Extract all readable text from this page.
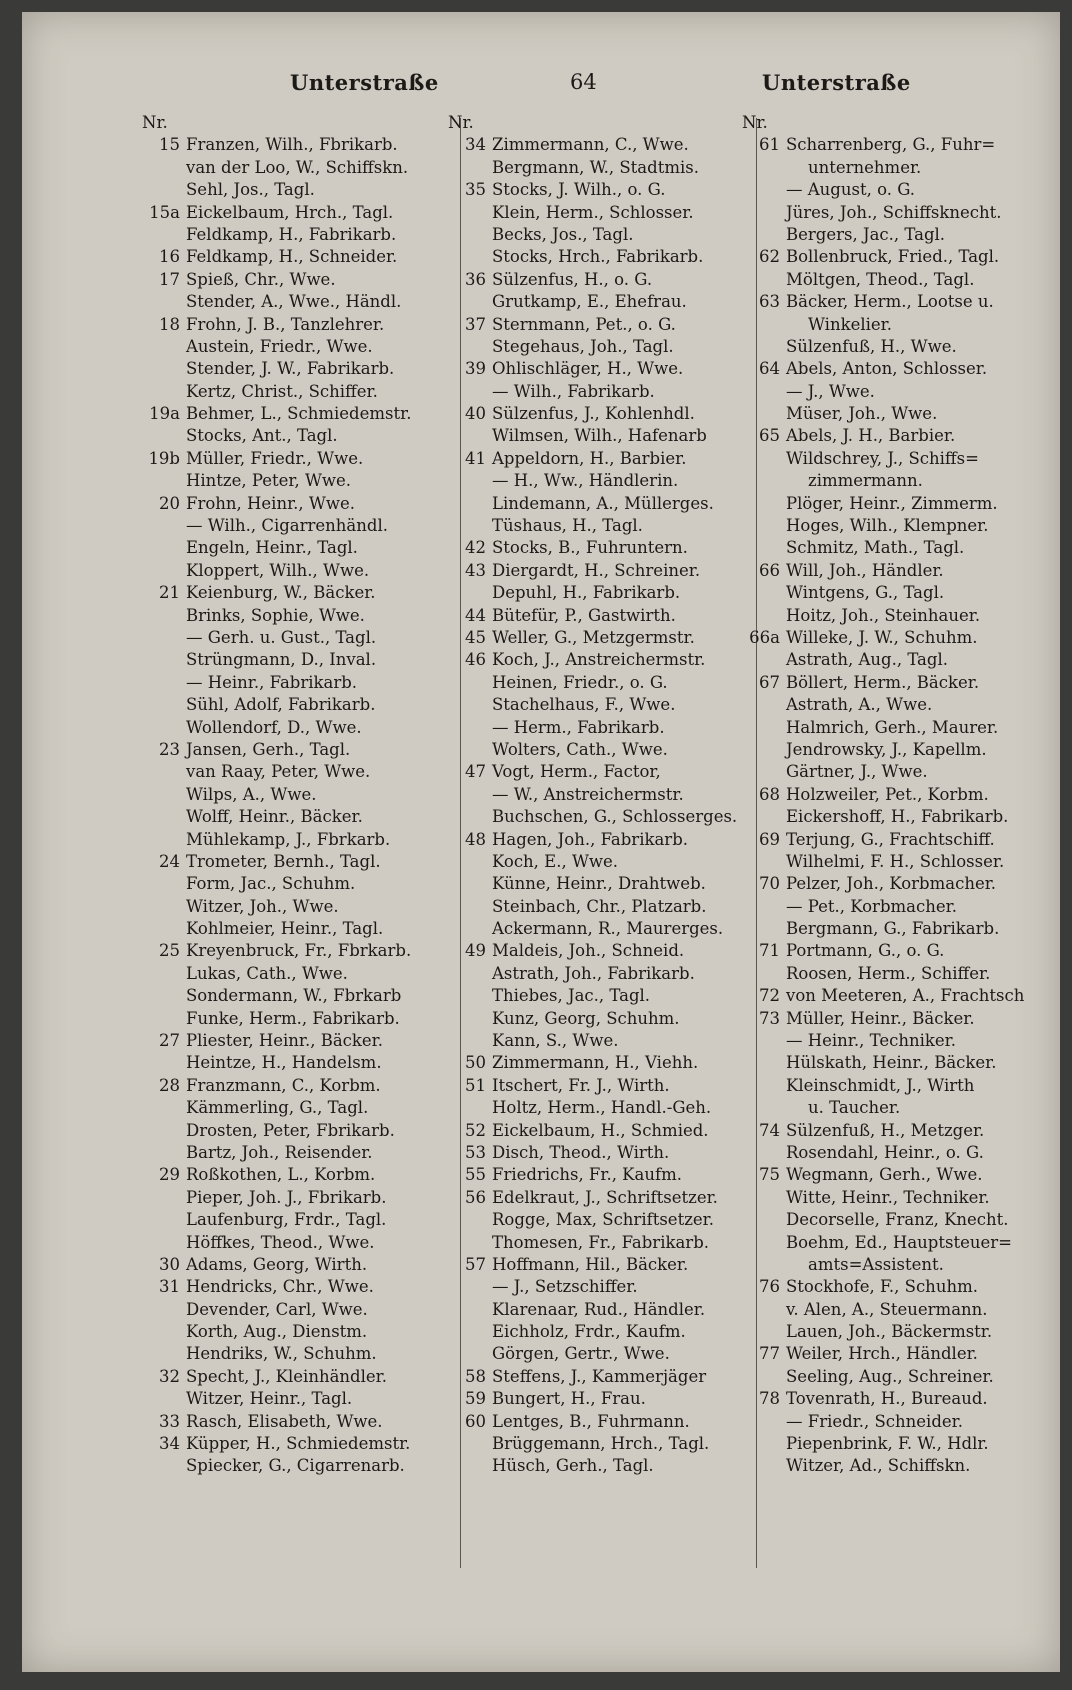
Unterstraße	64	Unterstraße
Nr.
15 Franzen, Wilh., Fbrikarb.
van der Loo, W., Schiffskn.
Sehl, Jos., Tagl.
15a Eickelbaum, Hrch., Tagl.
Feldkamp, H., Fabrikarb.
16 Feldkamp, H., Schneider.
17 Spieß, Chr., Wwe.
Stender, A., Wwe., Händl.
18 Frohn, J. B., Tanzlehrer.
Austein, Friedr., Wwe.
Stender, J. W., Fabrikarb.
Kertz, Christ., Schiffer.
19a Behmer, L., Schmiedemstr.
Stocks, Ant., Tagl.
19b Müller, Friedr., Wwe.
Hintze, Peter, Wwe.
20 Frohn, Heinr., Wwe.
— Wilh., Cigarrenhändl.
Engeln, Heinr., Tagl.
Kloppert, Wilh., Wwe.
21 Keienburg, W., Bäcker.
Brinks, Sophie, Wwe.
— Gerh. u. Gust., Tagl.
Strüngmann, D., Inval.
— Heinr., Fabrikarb.
Sühl, Adolf, Fabrikarb.
Wollendorf, D., Wwe.
23 Jansen, Gerh., Tagl.
van Raay, Peter, Wwe.
Wilps, A., Wwe.
Wolff, Heinr., Bäcker.
Mühlekamp, J., Fbrkarb.
24 Trometer, Bernh., Tagl.
Form, Jac., Schuhm.
Witzer, Joh., Wwe.
Kohlmeier, Heinr., Tagl.
25 Kreyenbruck, Fr., Fbrkarb.
Lukas, Cath., Wwe.
Sondermann, W., Fbrkarb
Funke, Herm., Fabrikarb.
27 Pliester, Heinr., Bäcker.
Heintze, H., Handelsm.
28 Franzmann, C., Korbm.
Kämmerling, G., Tagl.
Drosten, Peter, Fbrikarb.
Bartz, Joh., Reisender.
29 Roßkothen, L., Korbm.
Pieper, Joh. J., Fbrikarb.
Laufenburg, Frdr., Tagl.
Höffkes, Theod., Wwe.
30 Adams, Georg, Wirth.
31 Hendricks, Chr., Wwe.
Devender, Carl, Wwe.
Korth, Aug., Dienstm.
Hendriks, W., Schuhm.
32 Specht, J., Kleinhändler.
Witzer, Heinr., Tagl.
33 Rasch, Elisabeth, Wwe.
34 Küpper, H., Schmiedemstr.
Spiecker, G., Cigarrenarb.
Nr.
34 Zimmermann, C., Wwe.
Bergmann, W., Stadtmis.
35 Stocks, J. Wilh., o. G.
Klein, Herm., Schlosser.
Becks, Jos., Tagl.
Stocks, Hrch., Fabrikarb.
36 Sülzenfus, H., o. G.
Grutkamp, E., Ehefrau.
37 Sternmann, Pet., o. G.
Stegehaus, Joh., Tagl.
39 Ohlischläger, H., Wwe.
— Wilh., Fabrikarb.
40 Sülzenfus, J., Kohlenhdl.
Wilmsen, Wilh., Hafenarb
41 Appeldorn, H., Barbier.
— H., Ww., Händlerin.
Lindemann, A., Müllerges.
Tüshaus, H., Tagl.
42 Stocks, B., Fuhruntern.
43 Diergardt, H., Schreiner.
Depuhl, H., Fabrikarb.
44 Bütefür, P., Gastwirth.
45 Weller, G., Metzgermstr.
46 Koch, J., Anstreichermstr.
Heinen, Friedr., o. G.
Stachelhaus, F., Wwe.
— Herm., Fabrikarb.
Wolters, Cath., Wwe.
47 Vogt, Herm., Factor,
— W., Anstreichermstr.
Buchschen, G., Schlosserges.
48 Hagen, Joh., Fabrikarb.
Koch, E., Wwe.
Künne, Heinr., Drahtweb.
Steinbach, Chr., Platzarb.
Ackermann, R., Maurerges.
49 Maldeis, Joh., Schneid.
Astrath, Joh., Fabrikarb.
Thiebes, Jac., Tagl.
Kunz, Georg, Schuhm.
Kann, S., Wwe.
50 Zimmermann, H., Viehh.
51 Itschert, Fr. J., Wirth.
Holtz, Herm., Handl.-Geh.
52 Eickelbaum, H., Schmied.
53 Disch, Theod., Wirth.
55 Friedrichs, Fr., Kaufm.
56 Edelkraut, J., Schriftsetzer.
Rogge, Max, Schriftsetzer.
Thomesen, Fr., Fabrikarb.
57 Hoffmann, Hil., Bäcker.
— J., Setzschiffer.
Klarenaar, Rud., Händler.
Eichholz, Frdr., Kaufm.
Görgen, Gertr., Wwe.
58 Steffens, J., Kammerjäger
59 Bungert, H., Frau.
60 Lentges, B., Fuhrmann.
Brüggemann, Hrch., Tagl.
Hüsch, Gerh., Tagl.
Nr.
61 Scharrenberg, G., Fuhr=
unternehmer.
— August, o. G.
Jüres, Joh., Schiffsknecht.
Bergers, Jac., Tagl.
62 Bollenbruck, Fried., Tagl.
Möltgen, Theod., Tagl.
63 Bäcker, Herm., Lootse u.
Winkelier.
Sülzenfuß, H., Wwe.
64 Abels, Anton, Schlosser.
— J., Wwe.
Müser, Joh., Wwe.
65 Abels, J. H., Barbier.
Wildschrey, J., Schiffs=
zimmermann.
Plöger, Heinr., Zimmerm.
Hoges, Wilh., Klempner.
Schmitz, Math., Tagl.
66 Will, Joh., Händler.
Wintgens, G., Tagl.
Hoitz, Joh., Steinhauer.
66a Willeke, J. W., Schuhm.
Astrath, Aug., Tagl.
67 Böllert, Herm., Bäcker.
Astrath, A., Wwe.
Halmrich, Gerh., Maurer.
Jendrowsky, J., Kapellm.
Gärtner, J., Wwe.
68 Holzweiler, Pet., Korbm.
Eickershoff, H., Fabrikarb.
69 Terjung, G., Frachtschiff.
Wilhelmi, F. H., Schlosser.
70 Pelzer, Joh., Korbmacher.
— Pet., Korbmacher.
Bergmann, G., Fabrikarb.
71 Portmann, G., o. G.
Roosen, Herm., Schiffer.
72 von Meeteren, A., Frachtsch
73 Müller, Heinr., Bäcker.
— Heinr., Techniker.
Hülskath, Heinr., Bäcker.
Kleinschmidt, J., Wirth
u. Taucher.
74 Sülzenfuß, H., Metzger.
Rosendahl, Heinr., o. G.
75 Wegmann, Gerh., Wwe.
Witte, Heinr., Techniker.
Decorselle, Franz, Knecht.
Boehm, Ed., Hauptsteuer=
amts=Assistent.
76 Stockhofe, F., Schuhm.
v. Alen, A., Steuermann.
Lauen, Joh., Bäckermstr.
77 Weiler, Hrch., Händler.
Seeling, Aug., Schreiner.
78 Tovenrath, H., Bureaud.
— Friedr., Schneider.
Piepenbrink, F. W., Hdlr.
Witzer, Ad., Schiffskn.
